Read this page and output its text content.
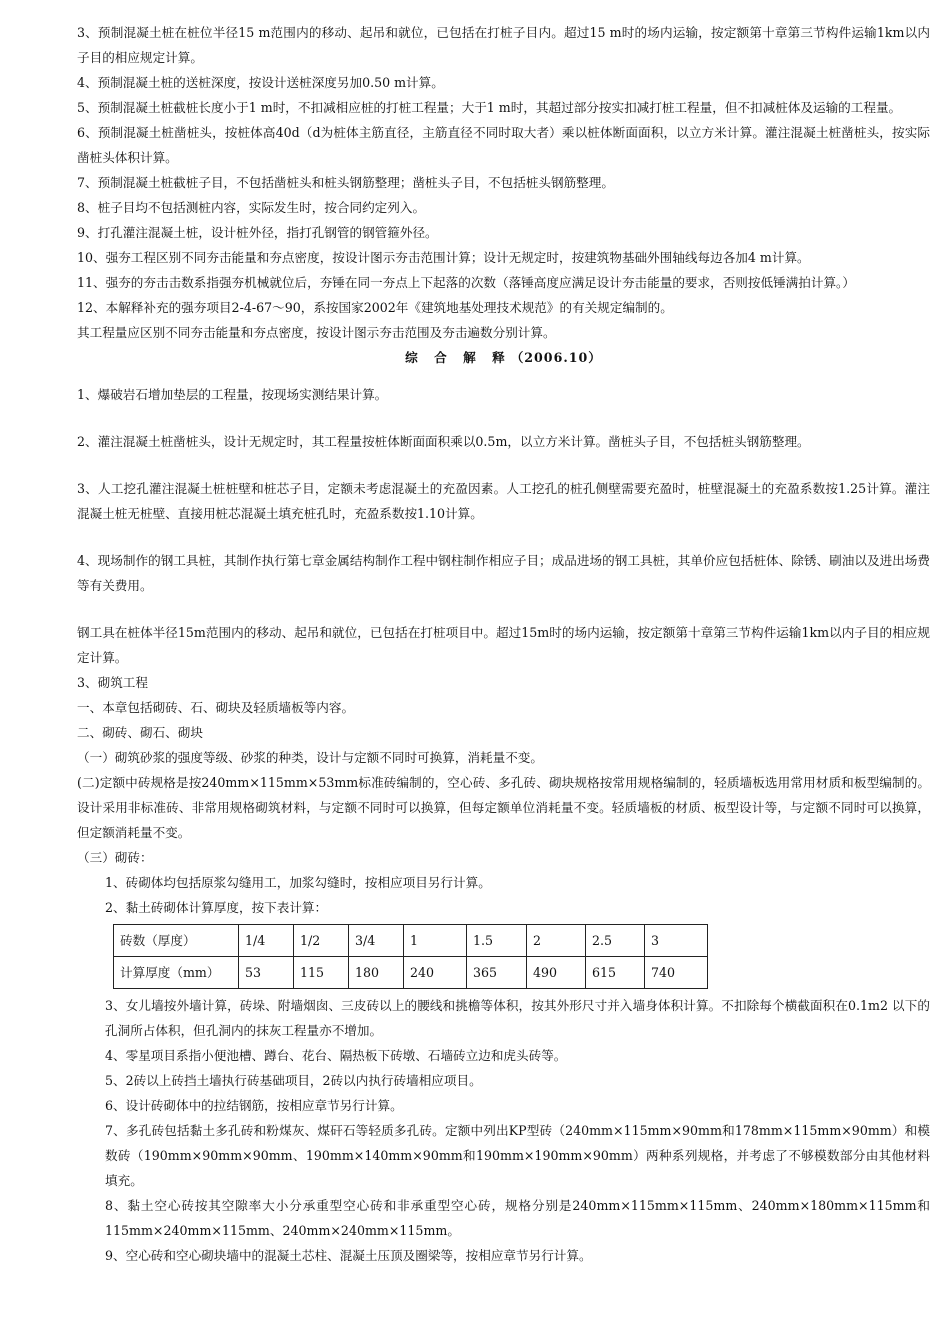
3、预制混凝土桩在桩位半径15 m范围内的移动、起吊和就位，已包括在打桩子目内。超过15 m时的场内运输，按定额第十章第三节构件运输1km以内子目的相应规定计算。

4、预制混凝土桩的送桩深度，按设计送桩深度另加0.50 m计算。

5、预制混凝土桩截桩长度小于1 m时，不扣减相应桩的打桩工程量；大于1 m时，其超过部分按实扣减打桩工程量，但不扣减桩体及运输的工程量。

6、预制混凝土桩凿桩头，按桩体高40d（d为桩体主筋直径，主筋直径不同时取大者）乘以桩体断面面积，以立方米计算。灌注混凝土桩凿桩头，按实际凿桩头体积计算。

7、预制混凝土桩截桩子目，不包括凿桩头和桩头钢筋整理；凿桩头子目，不包括桩头钢筋整理。

8、桩子目均不包括测桩内容，实际发生时，按合同约定列入。

9、打孔灌注混凝土桩，设计桩外径，指打孔钢管的钢管箍外径。

10、强夯工程区别不同夯击能量和夯点密度，按设计图示夯击范围计算；设计无规定时，按建筑物基础外围轴线每边各加4 m计算。

11、强夯的夯击击数系指强夯机械就位后，夯锤在同一夯点上下起落的次数（落锤高度应满足设计夯击能量的要求，否则按低锤满拍计算。）

12、本解释补充的强夯项目2-4-67～90，系按国家2002年《建筑地基处理技术规范》的有关规定编制的。

其工程量应区别不同夯击能量和夯点密度，按设计图示夯击范围及夯击遍数分别计算。

综 合 解 释（2006.10）

1、爆破岩石增加垫层的工程量，按现场实测结果计算。

2、灌注混凝土桩凿桩头，设计无规定时，其工程量按桩体断面面积乘以0.5m，以立方米计算。凿桩头子目，不包括桩头钢筋整理。

3、人工挖孔灌注混凝土桩桩壁和桩芯子目，定额未考虑混凝土的充盈因素。人工挖孔的桩孔侧壁需要充盈时，桩壁混凝土的充盈系数按1.25计算。灌注混凝土桩无桩壁、直接用桩芯混凝土填充桩孔时，充盈系数按1.10计算。

4、现场制作的钢工具桩，其制作执行第七章金属结构制作工程中钢柱制作相应子目；成品进场的钢工具桩，其单价应包括桩体、除锈、刷油以及进出场费等有关费用。

钢工具在桩体半径15m范围内的移动、起吊和就位，已包括在打桩项目中。超过15m时的场内运输，按定额第十章第三节构件运输1km以内子目的相应规定计算。

3、砌筑工程

一、本章包括砌砖、石、砌块及轻质墙板等内容。

二、砌砖、砌石、砌块

（一）砌筑砂浆的强度等级、砂浆的种类，设计与定额不同时可换算，消耗量不变。

(二)定额中砖规格是按240mm×115mm×53mm标准砖编制的，空心砖、多孔砖、砌块规格按常用规格编制的，轻质墙板选用常用材质和板型编制的。设计采用非标准砖、非常用规格砌筑材料，与定额不同时可以换算，但每定额单位消耗量不变。轻质墙板的材质、板型设计等，与定额不同时可以换算，但定额消耗量不变。

（三）砌砖：

1、砖砌体均包括原浆勾缝用工，加浆勾缝时，按相应项目另行计算。

2、黏土砖砌体计算厚度，按下表计算：

砖数（厚度）	1/4	1/2	3/4	1	1.5	2	2.5	3
计算厚度（mm）	53	115	180	240	365	490	615	740

3、女儿墙按外墙计算，砖垛、附墙烟囱、三皮砖以上的腰线和挑檐等体积，按其外形尺寸并入墙身体积计算。不扣除每个横截面积在0.1m2 以下的孔洞所占体积，但孔洞内的抹灰工程量亦不增加。

4、零星项目系指小便池槽、蹲台、花台、隔热板下砖墩、石墙砖立边和虎头砖等。

5、2砖以上砖挡土墙执行砖基础项目，2砖以内执行砖墙相应项目。

6、设计砖砌体中的拉结钢筋，按相应章节另行计算。

7、多孔砖包括黏土多孔砖和粉煤灰、煤矸石等轻质多孔砖。定额中列出KP型砖（240mm×115mm×90mm和178mm×115mm×90mm）和模数砖（190mm×90mm×90mm、190mm×140mm×90mm和190mm×190mm×90mm）两种系列规格，并考虑了不够模数部分由其他材料填充。

8、黏土空心砖按其空隙率大小分承重型空心砖和非承重型空心砖，规格分别是240mm×115mm×115mm、240mm×180mm×115mm和115mm×240mm×115mm、240mm×240mm×115mm。

9、空心砖和空心砌块墙中的混凝土芯柱、混凝土压顶及圈梁等，按相应章节另行计算。
